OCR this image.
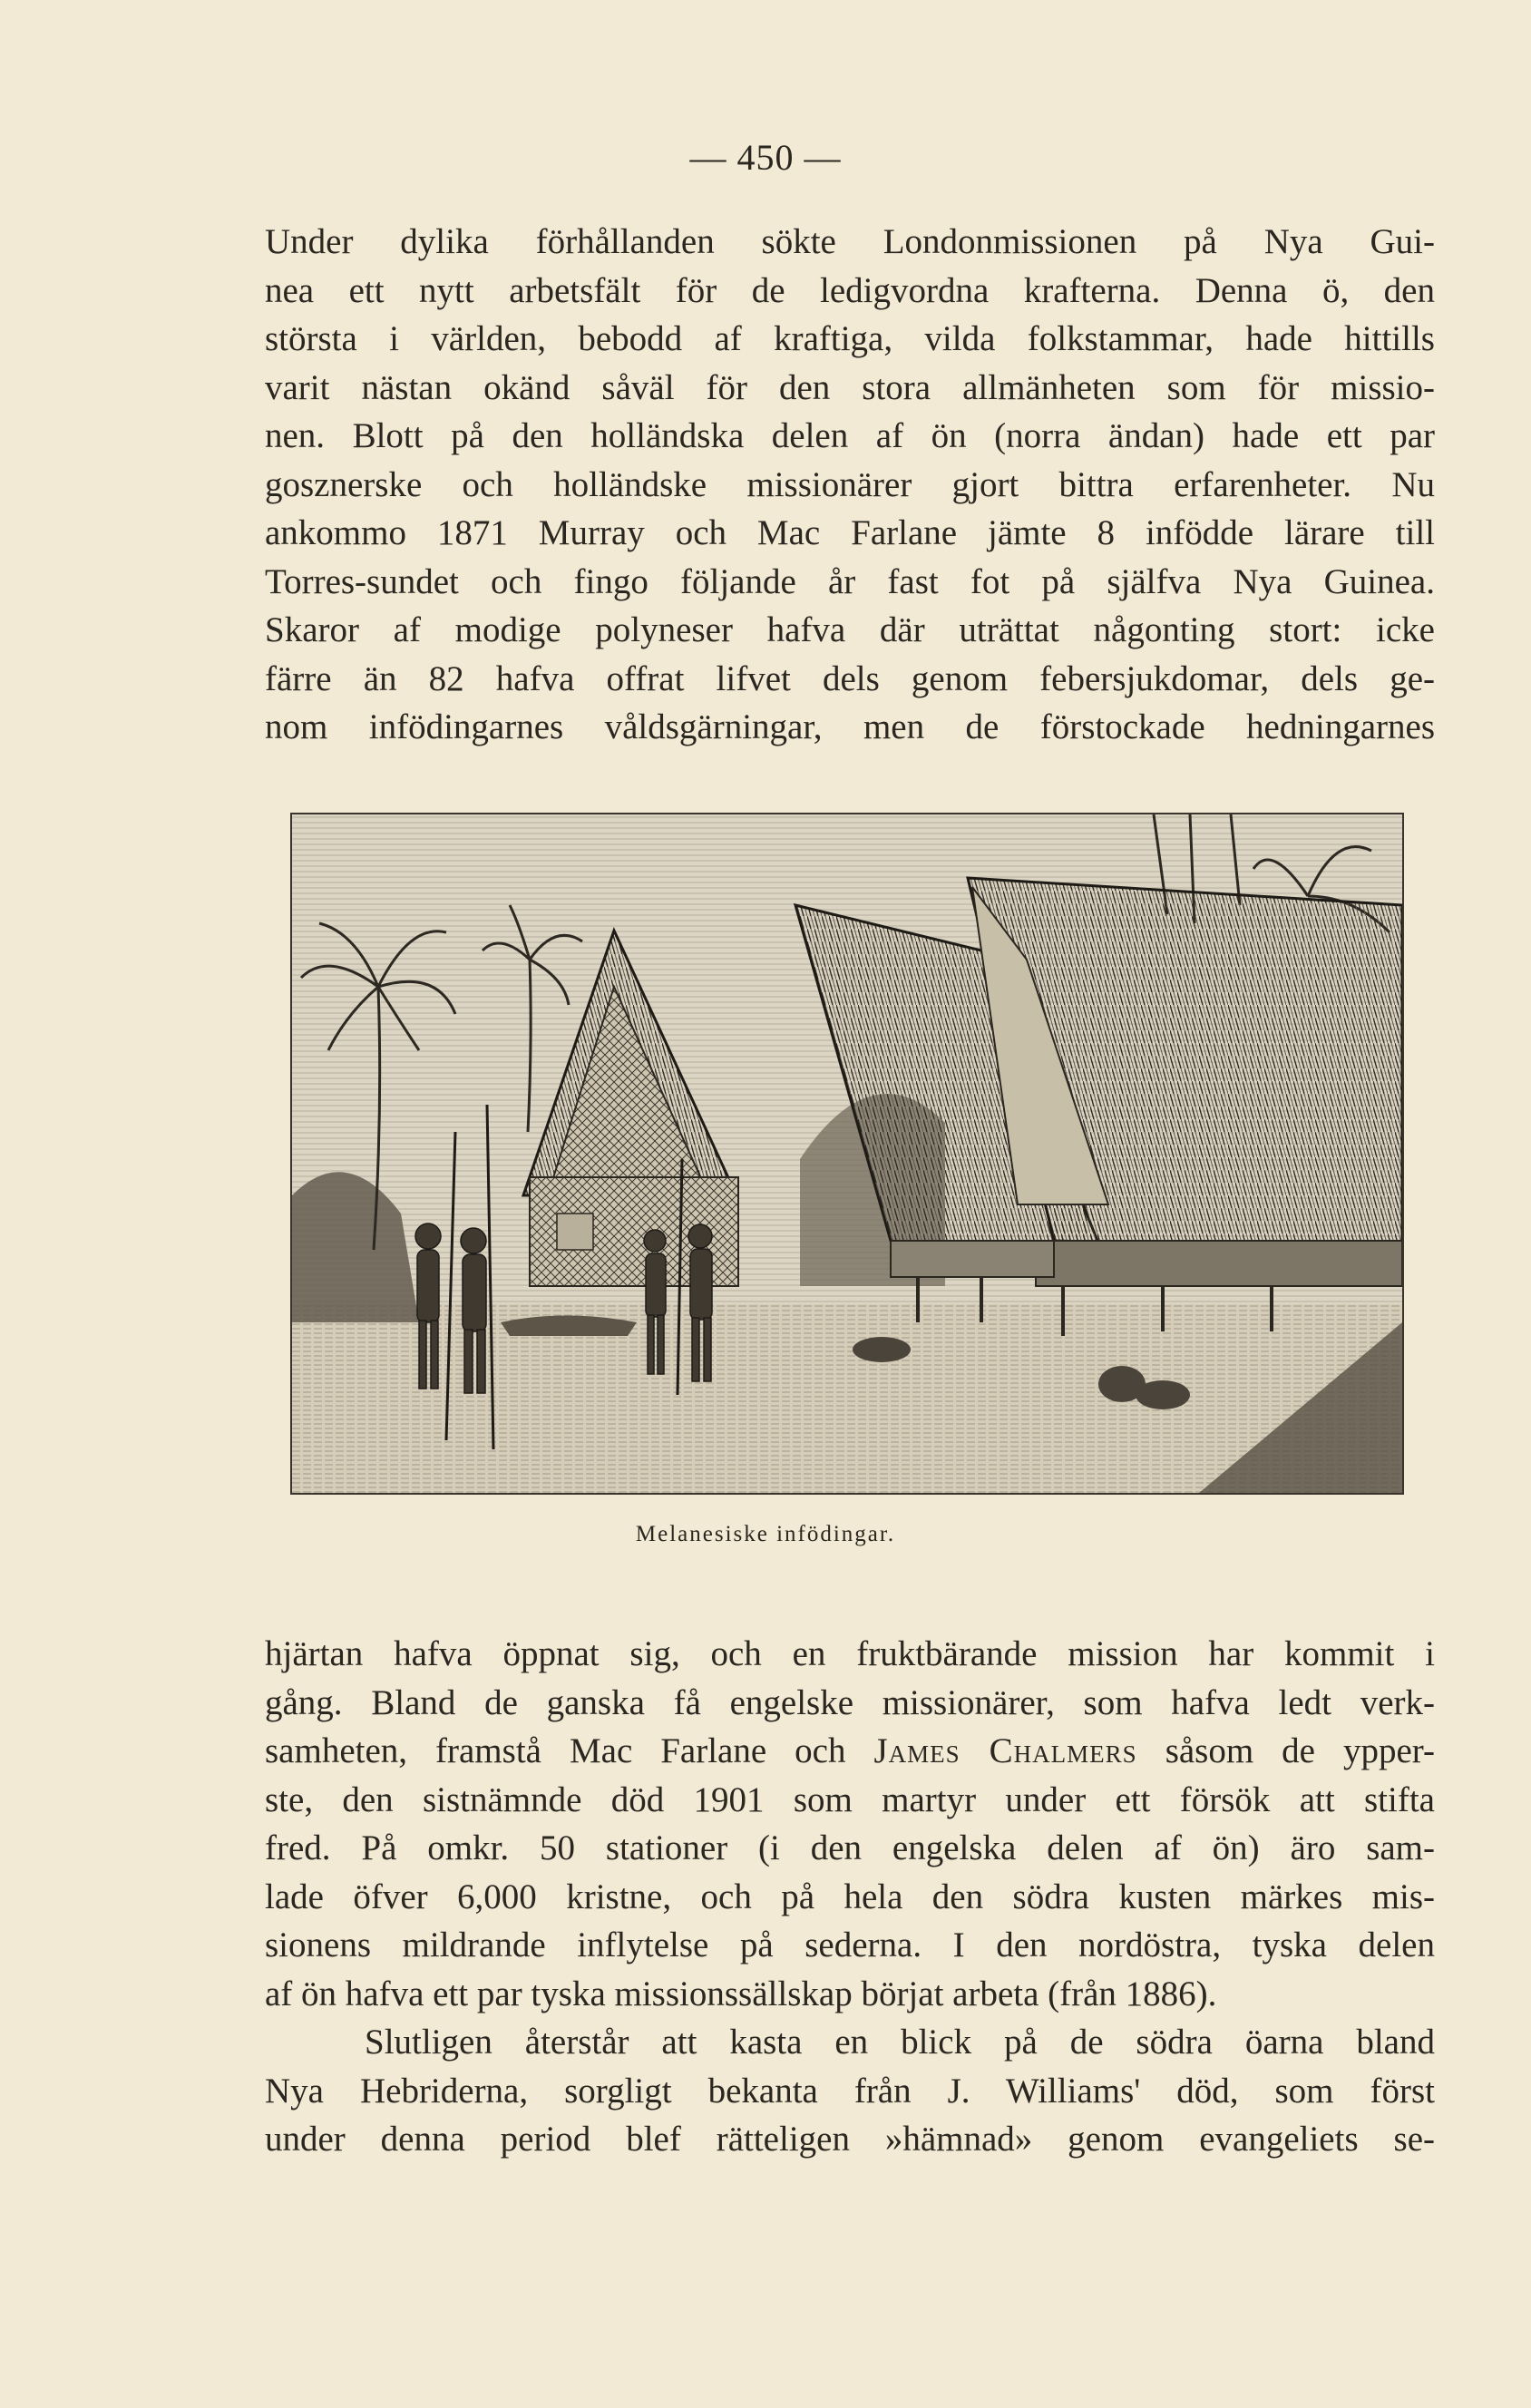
— 450 —
Under dylika förhållanden sökte Londonmissionen på Nya Gui-
nea ett nytt arbetsfält för de ledigvordna krafterna. Denna ö, den
största i världen, bebodd af kraftiga, vilda folkstammar, hade hittills
varit nästan okänd såväl för den stora allmänheten som för missio-
nen. Blott på den holländska delen af ön (norra ändan) hade ett par
gosznerske och holländske missionärer gjort bittra erfarenheter. Nu
ankommo 1871 Murray och Mac Farlane jämte 8 infödde lärare till
Torres-sundet och fingo följande år fast fot på själfva Nya Guinea.
Skaror af modige polyneser hafva där uträttat någonting stort: icke
färre än 82 hafva offrat lifvet dels genom febersjukdomar, dels ge-
nom infödingarnes våldsgärningar, men de förstockade hedningarnes
Melanesiske infödingar.
hjärtan hafva öppnat sig, och en fruktbärande mission har kommit i
gång. Bland de ganska få engelske missionärer, som hafva ledt verk-
samheten, framstå Mac Farlane och James Chalmers såsom de ypper-
ste, den sistnämnde död 1901 som martyr under ett försök att stifta
fred. På omkr. 50 stationer (i den engelska delen af ön) äro sam-
lade öfver 6,000 kristne, och på hela den södra kusten märkes mis-
sionens mildrande inflytelse på sederna. I den nordöstra, tyska delen
af ön hafva ett par tyska missionssällskap börjat arbeta (från 1886).
Slutligen återstår att kasta en blick på de södra öarna bland
Nya Hebriderna, sorgligt bekanta från J. Williams' död, som först
under denna period blef rätteligen »hämnad» genom evangeliets se-
